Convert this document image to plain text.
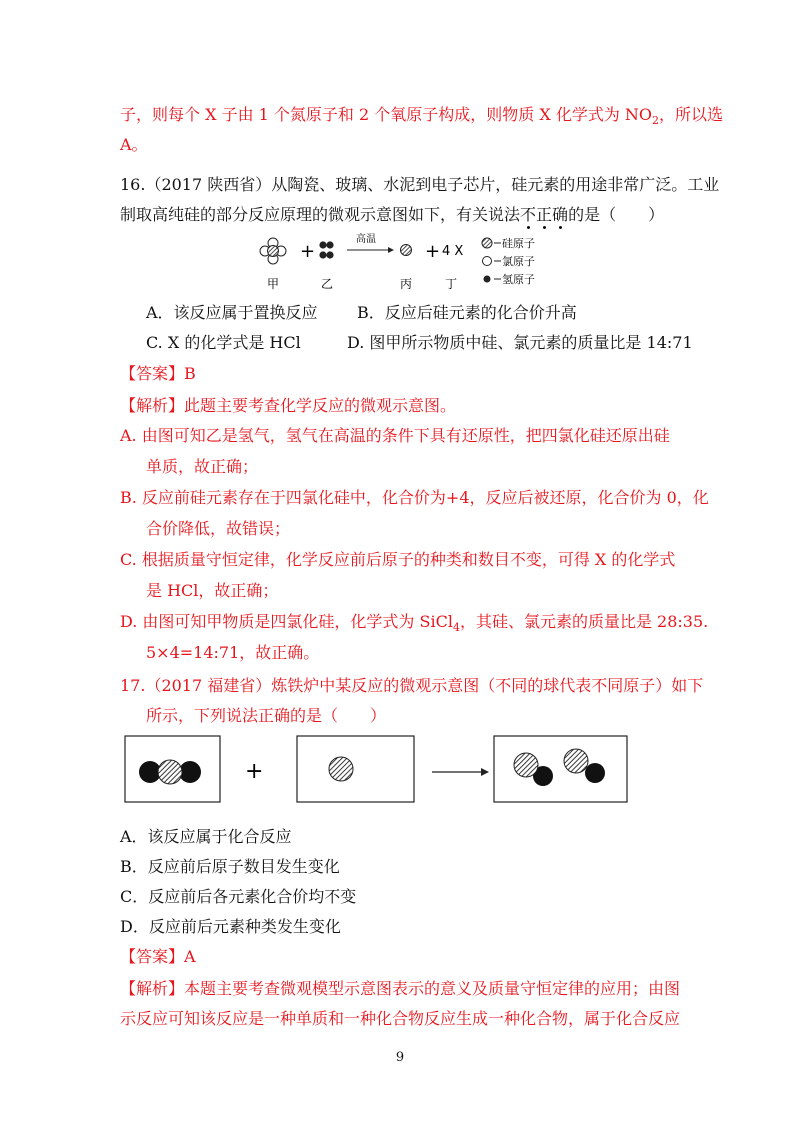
子，则每个 X 子由 1 个氮原子和 2 个氧原子构成，则物质 X 化学式为 $NO_2$，所以选
A。
16.（2017 陕西省）从陶瓷、玻璃、水泥到电子芯片，硅元素的用途非常广泛。工业
制取高纯硅的部分反应原理的微观示意图如下，有关说法不正确的是（　　）
+
高温
+ 4 X
甲	乙	丙	丁
硅原子
氯原子
氢原子
A．该反应属于置换反应 B．反应后硅元素的化合价升高
C. X 的化学式是 HCl	D. 图甲所示物质中硅、氯元素的质量比是 14:71
【答案】B
【解析】此题主要考查化学反应的微观示意图。
A. 由图可知乙是氢气，氢气在高温的条件下具有还原性，把四氯化硅还原出硅
单质，故正确；
B. 反应前硅元素存在于四氯化硅中，化合价为+4，反应后被还原，化合价为 0，化
合价降低，故错误；
C. 根据质量守恒定律，化学反应前后原子的种类和数目不变，可得 X 的化学式
是 HCl，故正确；
D. 由图可知甲物质是四氯化硅，化学式为 SiCl$_4$，其硅、氯元素的质量比是 28:35.
5×4=14:71，故正确。
17.（2017 福建省）炼铁炉中某反应的微观示意图（不同的球代表不同原子）如下
所示，下列说法正确的是（　　）
+
A．该反应属于化合反应
B．反应前后原子数目发生变化
C．反应前后各元素化合价均不变
D．反应前后元素种类发生变化
【答案】A
【解析】本题主要考查微观模型示意图表示的意义及质量守恒定律的应用；由图
示反应可知该反应是一种单质和一种化合物反应生成一种化合物，属于化合反应
9
